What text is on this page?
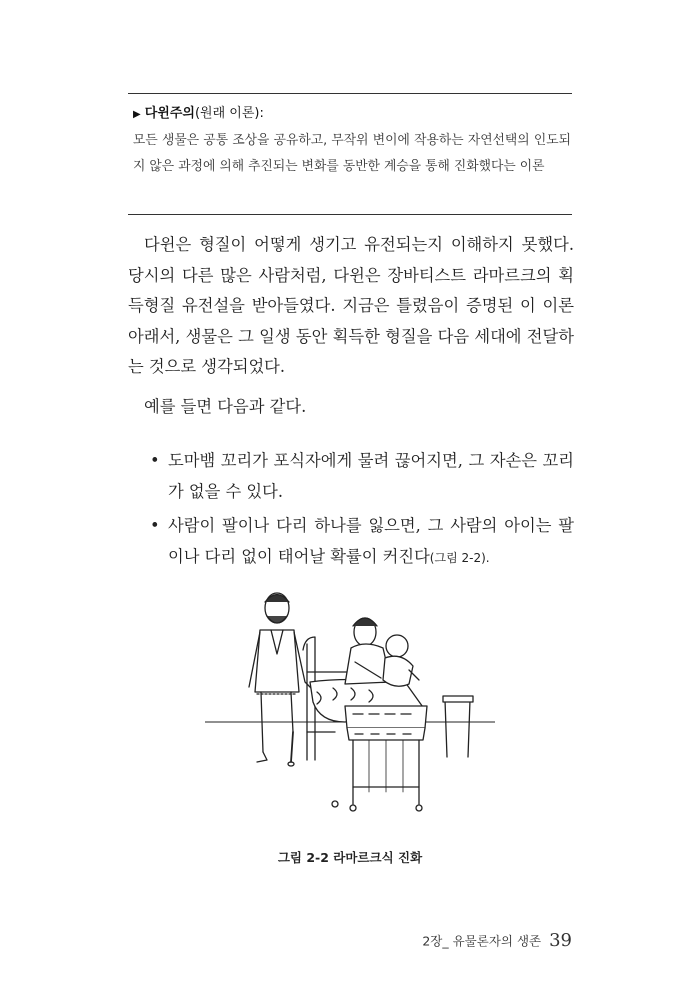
▶ 다윈주의(원래 이론):
모든 생물은 공통 조상을 공유하고, 무작위 변이에 작용하는 자연선택의 인도되지 않은 과정에 의해 추진되는 변화를 동반한 계승을 통해 진화했다는 이론
다윈은 형질이 어떻게 생기고 유전되는지 이해하지 못했다. 당시의 다른 많은 사람처럼, 다윈은 장바티스트 라마르크의 획득형질 유전설을 받아들였다. 지금은 틀렸음이 증명된 이 이론 아래서, 생물은 그 일생 동안 획득한 형질을 다음 세대에 전달하는 것으로 생각되었다.
예를 들면 다음과 같다.
• 도마뱀 꼬리가 포식자에게 물려 끊어지면, 그 자손은 꼬리가 없을 수 있다.
• 사람이 팔이나 다리 하나를 잃으면, 그 사람의 아이는 팔이나 다리 없이 태어날 확률이 커진다(그림 2-2).
그림 2-2 라마르크식 진화
2장_ 유물론자의 생존 39
